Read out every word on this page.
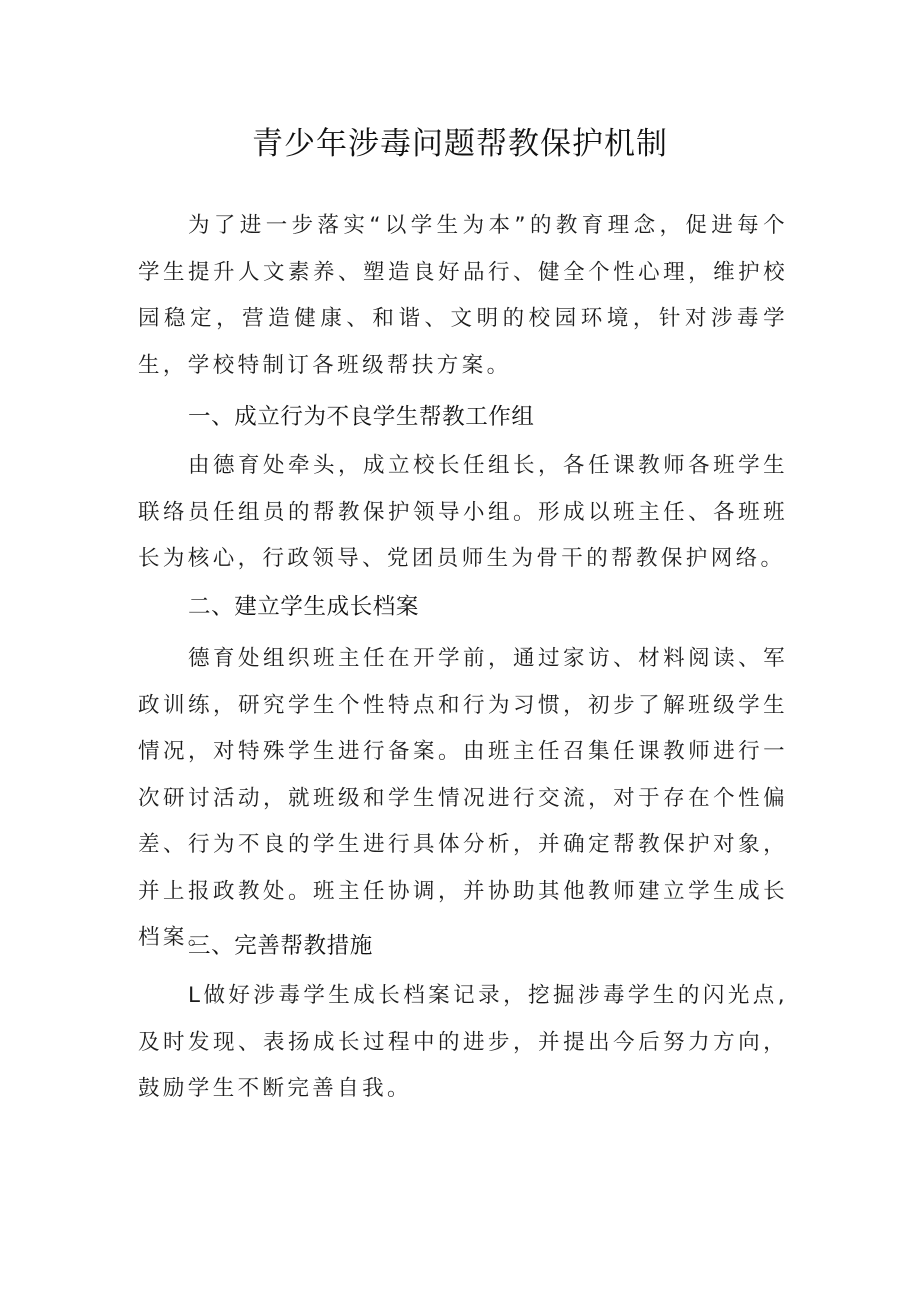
青少年涉毒问题帮教保护机制

为了进一步落实“以学生为本”的教育理念，促进每个学生提升人文素养、塑造良好品行、健全个性心理，维护校园稳定，营造健康、和谐、文明的校园环境，针对涉毒学生，学校特制订各班级帮扶方案。

一、成立行为不良学生帮教工作组

由德育处牵头，成立校长任组长，各任课教师各班学生联络员任组员的帮教保护领导小组。形成以班主任、各班班长为核心，行政领导、党团员师生为骨干的帮教保护网络。

二、建立学生成长档案

德育处组织班主任在开学前，通过家访、材料阅读、军政训练，研究学生个性特点和行为习惯，初步了解班级学生情况，对特殊学生进行备案。由班主任召集任课教师进行一次研讨活动，就班级和学生情况进行交流，对于存在个性偏差、行为不良的学生进行具体分析，并确定帮教保护对象，并上报政教处。班主任协调，并协助其他教师建立学生成长档案。

三、完善帮教措施

L做好涉毒学生成长档案记录，挖掘涉毒学生的闪光点,及时发现、表扬成长过程中的进步，并提出今后努力方向，鼓励学生不断完善自我。
